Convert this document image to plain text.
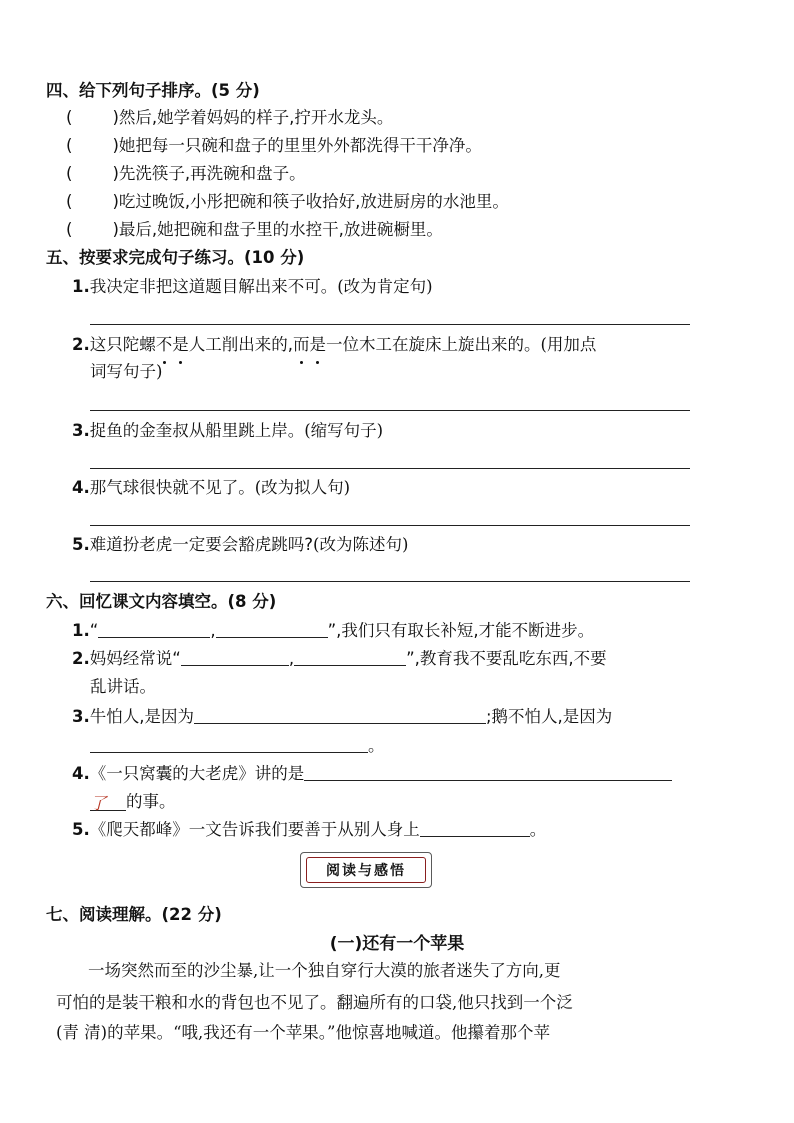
四、给下列句子排序。(5 分)
( )然后,她学着妈妈的样子,拧开水龙头。
( )她把每一只碗和盘子的里里外外都洗得干干净净。
( )先洗筷子,再洗碗和盘子。
( )吃过晚饭,小彤把碗和筷子收拾好,放进厨房的水池里。
( )最后,她把碗和盘子里的水控干,放进碗橱里。
五、按要求完成句子练习。(10 分)
1.我决定非把这道题目解出来不可。(改为肯定句)
2.这只陀螺不是人工削出来的,而是一位木工在旋床上旋出来的。(用加点
词写句子)
3.捉鱼的金奎叔从船里跳上岸。(缩写句子)
4.那气球很快就不见了。(改为拟人句)
5.难道扮老虎一定要会豁虎跳吗?(改为陈述句)
六、回忆课文内容填空。(8 分)
1.“	,	”,我们只有取长补短,才能不断进步。
2.妈妈经常说“	,	”,教育我不要乱吃东西,不要
乱讲话。
3.牛怕人,是因为	;鹅不怕人,是因为
。
4.《一只窝囊的大老虎》讲的是
了 的事。
5.《爬天都峰》一文告诉我们要善于从别人身上	。
阅读与感悟
七、阅读理解。(22 分)
(一)还有一个苹果
一场突然而至的沙尘暴,让一个独自穿行大漠的旅者迷失了方向,更
可怕的是装干粮和水的背包也不见了。翻遍所有的口袋,他只找到一个泛
(青 清)的苹果。“哦,我还有一个苹果。”他惊喜地喊道。他攥着那个苹
